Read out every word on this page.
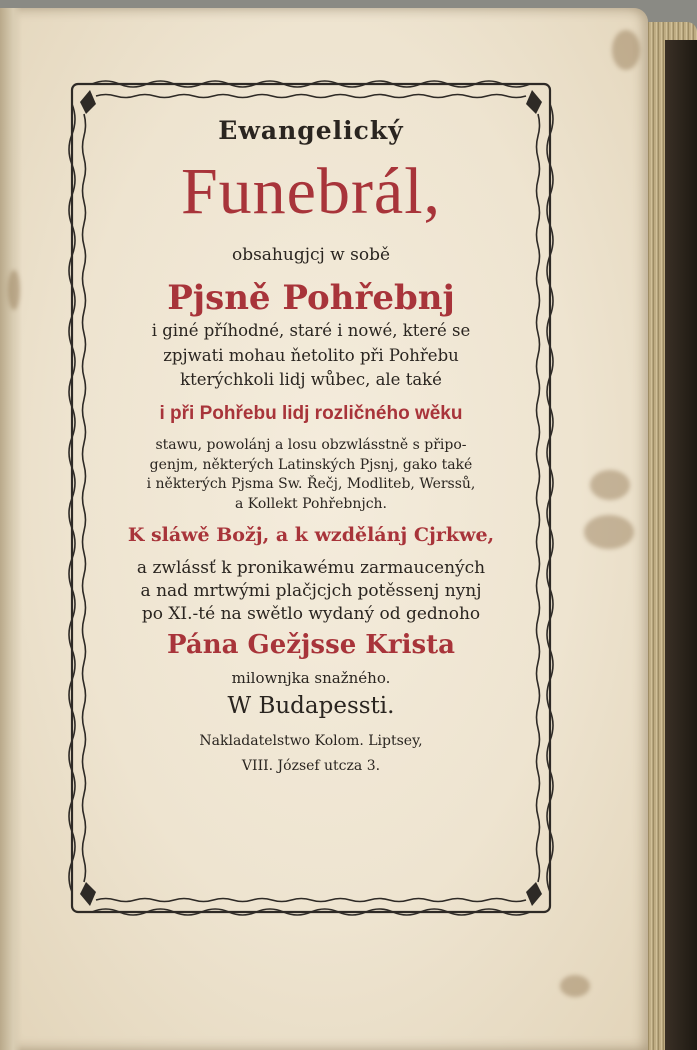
Ewangelický
Funebrál,
obsahugjcj w sobě
Pjsně Pohřebnj
i giné příhodné, staré i nowé, které se
zpjwati mohau ňetolito při Pohřebu
kterýchkoli lidj wůbec, ale také
i při Pohřebu lidj rozličného wěku
stawu, powolánj a losu obzwlásstně s připo-
genjm, některých Latinských Pjsnj, gako také
i některých Pjsma Sw. Řečj, Modliteb, Werssů,
a Kollekt Pohřebnjch.
K sláwě Božj, a k wzdělánj Cjrkwe,
a zwlássť k pronikawému zarmaucených
a nad mrtwými plačjcjch potěssenj nynj
po XI.-té na swětlo wydaný od gednoho
Pána Gežjsse Krista
milownjka snažného.
W Budapessti.
Nakladatelstwo Kolom. Liptsey,
VIII. József utcza 3.
